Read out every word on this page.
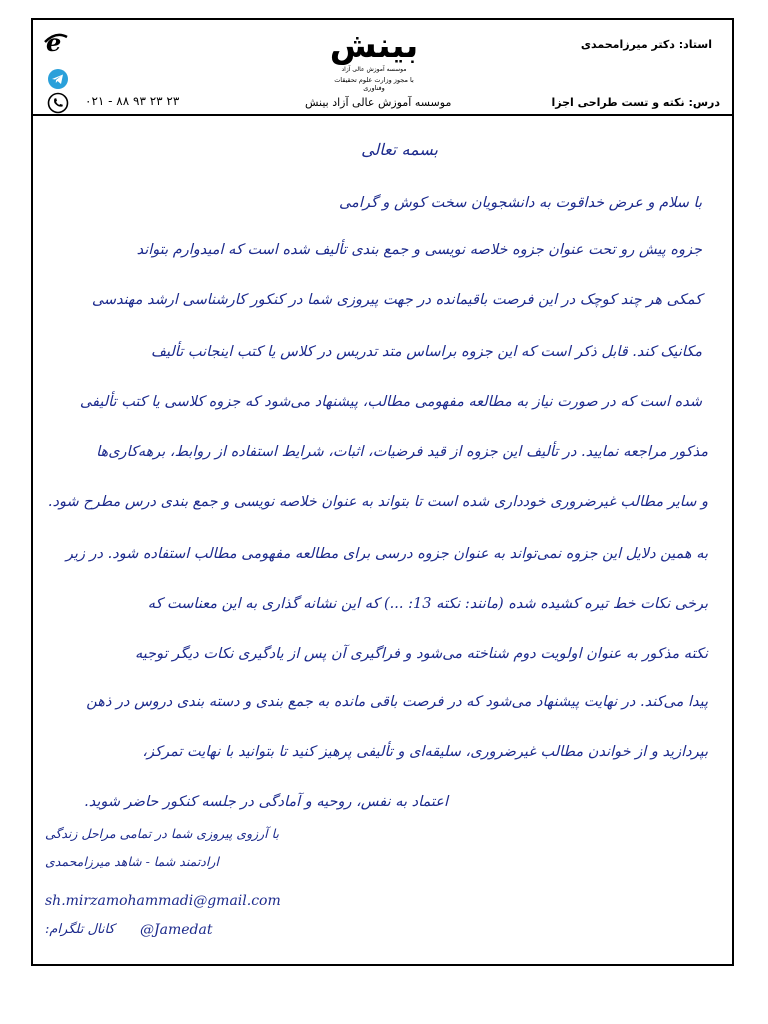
e
۰۲۱ - ۸۸ ۹۳ ۲۳ ۲۳
بینش
موسسه آموزش عالی آزاد
با مجوز وزارت علوم تحقیقات وفناوری
استاد: دکتر میرزامحمدی
موسسه آموزش عالی آزاد بینش	درس: نکته و تست طراحی اجزا
بسمه تعالی
با سلام و عرض خداقوت به دانشجویان سخت کوش و گرامی
جزوه پیش رو تحت عنوان جزوه خلاصه نویسی و جمع بندی تألیف شده است که امیدوارم بتواند
کمکی هر چند کوچک در این فرصت باقیمانده در جهت پیروزی شما در کنکور کارشناسی ارشد مهندسی
مکانیک کند. قابل ذکر است که این جزوه براساس متد تدریس در کلاس یا کتب اینجانب تألیف
شده است که در صورت نیاز به مطالعه مفهومی مطالب، پیشنهاد می‌شود که جزوه کلاسی یا کتب تألیفی
مذکور مراجعه نمایید. در تألیف این جزوه از قید فرضیات، اثبات، شرایط استفاده از روابط، برهه‌کاری‌ها
و سایر مطالب غیرضروری خودداری شده است تا بتواند به عنوان خلاصه نویسی و جمع بندی درس مطرح شود.
به همین دلایل این جزوه نمی‌تواند به عنوان جزوه درسی برای مطالعه مفهومی مطالب استفاده شود. در زیر
برخی نکات خط تیره کشیده شده (مانند: نکته 13: ...) که این نشانه گذاری به این معناست که
نکته مذکور به عنوان اولویت دوم شناخته می‌شود و فراگیری آن پس از یادگیری نکات دیگر توجیه
پیدا می‌کند. در نهایت پیشنهاد می‌شود که در فرصت باقی مانده به جمع بندی و دسته بندی دروس در ذهن
بپردازید و از خواندن مطالب غیرضروری، سلیقه‌ای و تألیفی پرهیز کنید تا بتوانید با نهایت تمرکز،
اعتماد به نفس، روحیه و آمادگی در جلسه کنکور حاضر شوید.
با آرزوی پیروزی شما در تمامی مراحل زندگی
ارادتمند شما - شاهد میرزامحمدی
sh.mirzamohammadi@gmail.com
@Jamedat
کانال تلگرام:
